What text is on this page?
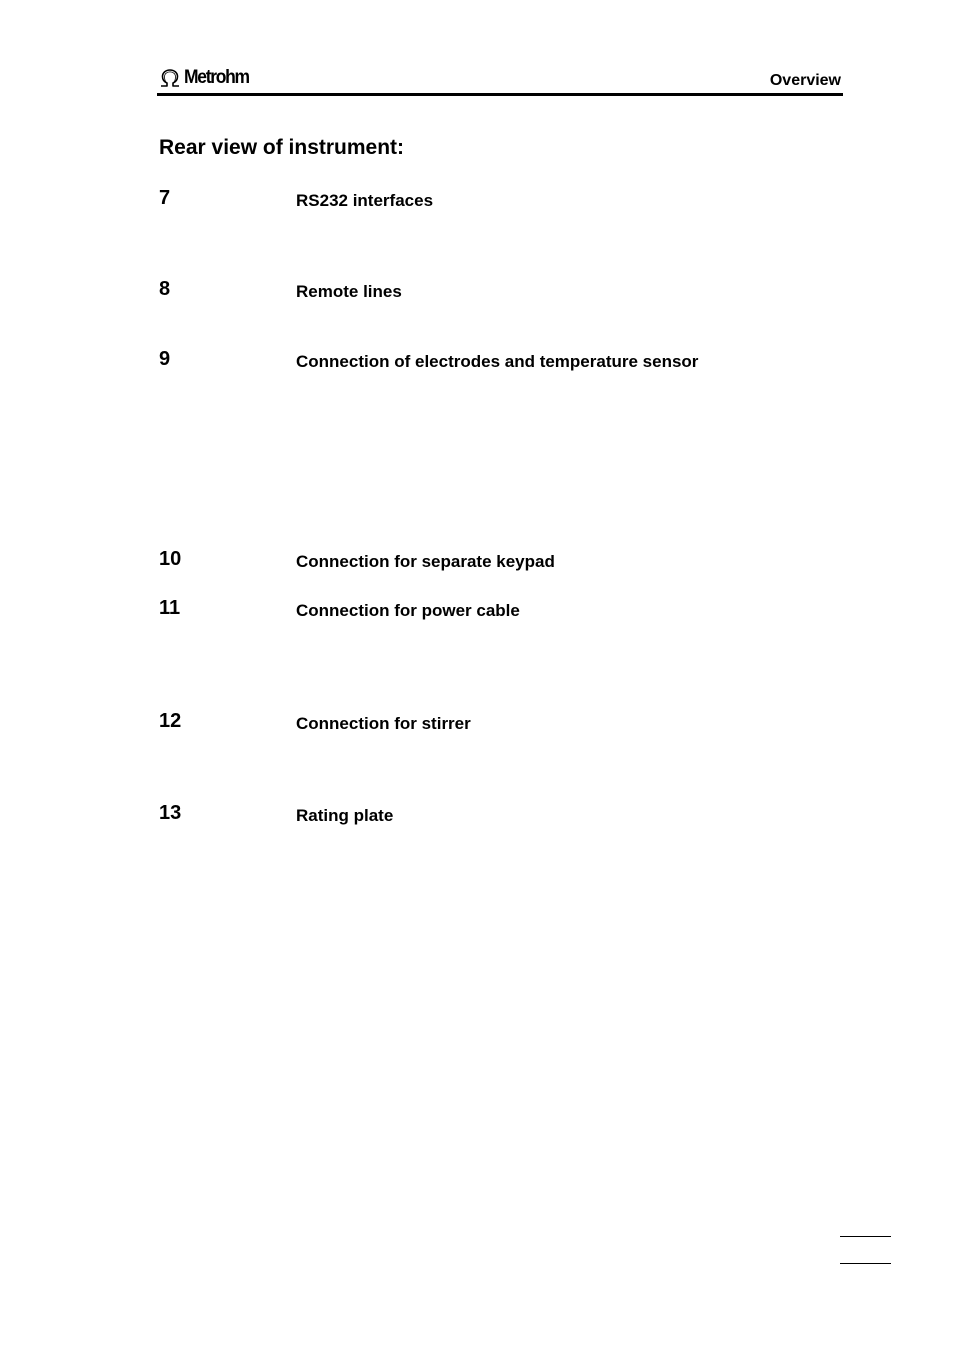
Metrohm	Overview
Rear view of instrument:
7	RS232 interfaces
8	Remote lines
9	Connection of electrodes and temperature sensor
10	Connection for separate keypad
11	Connection for power cable
12	Connection for stirrer
13	Rating plate
